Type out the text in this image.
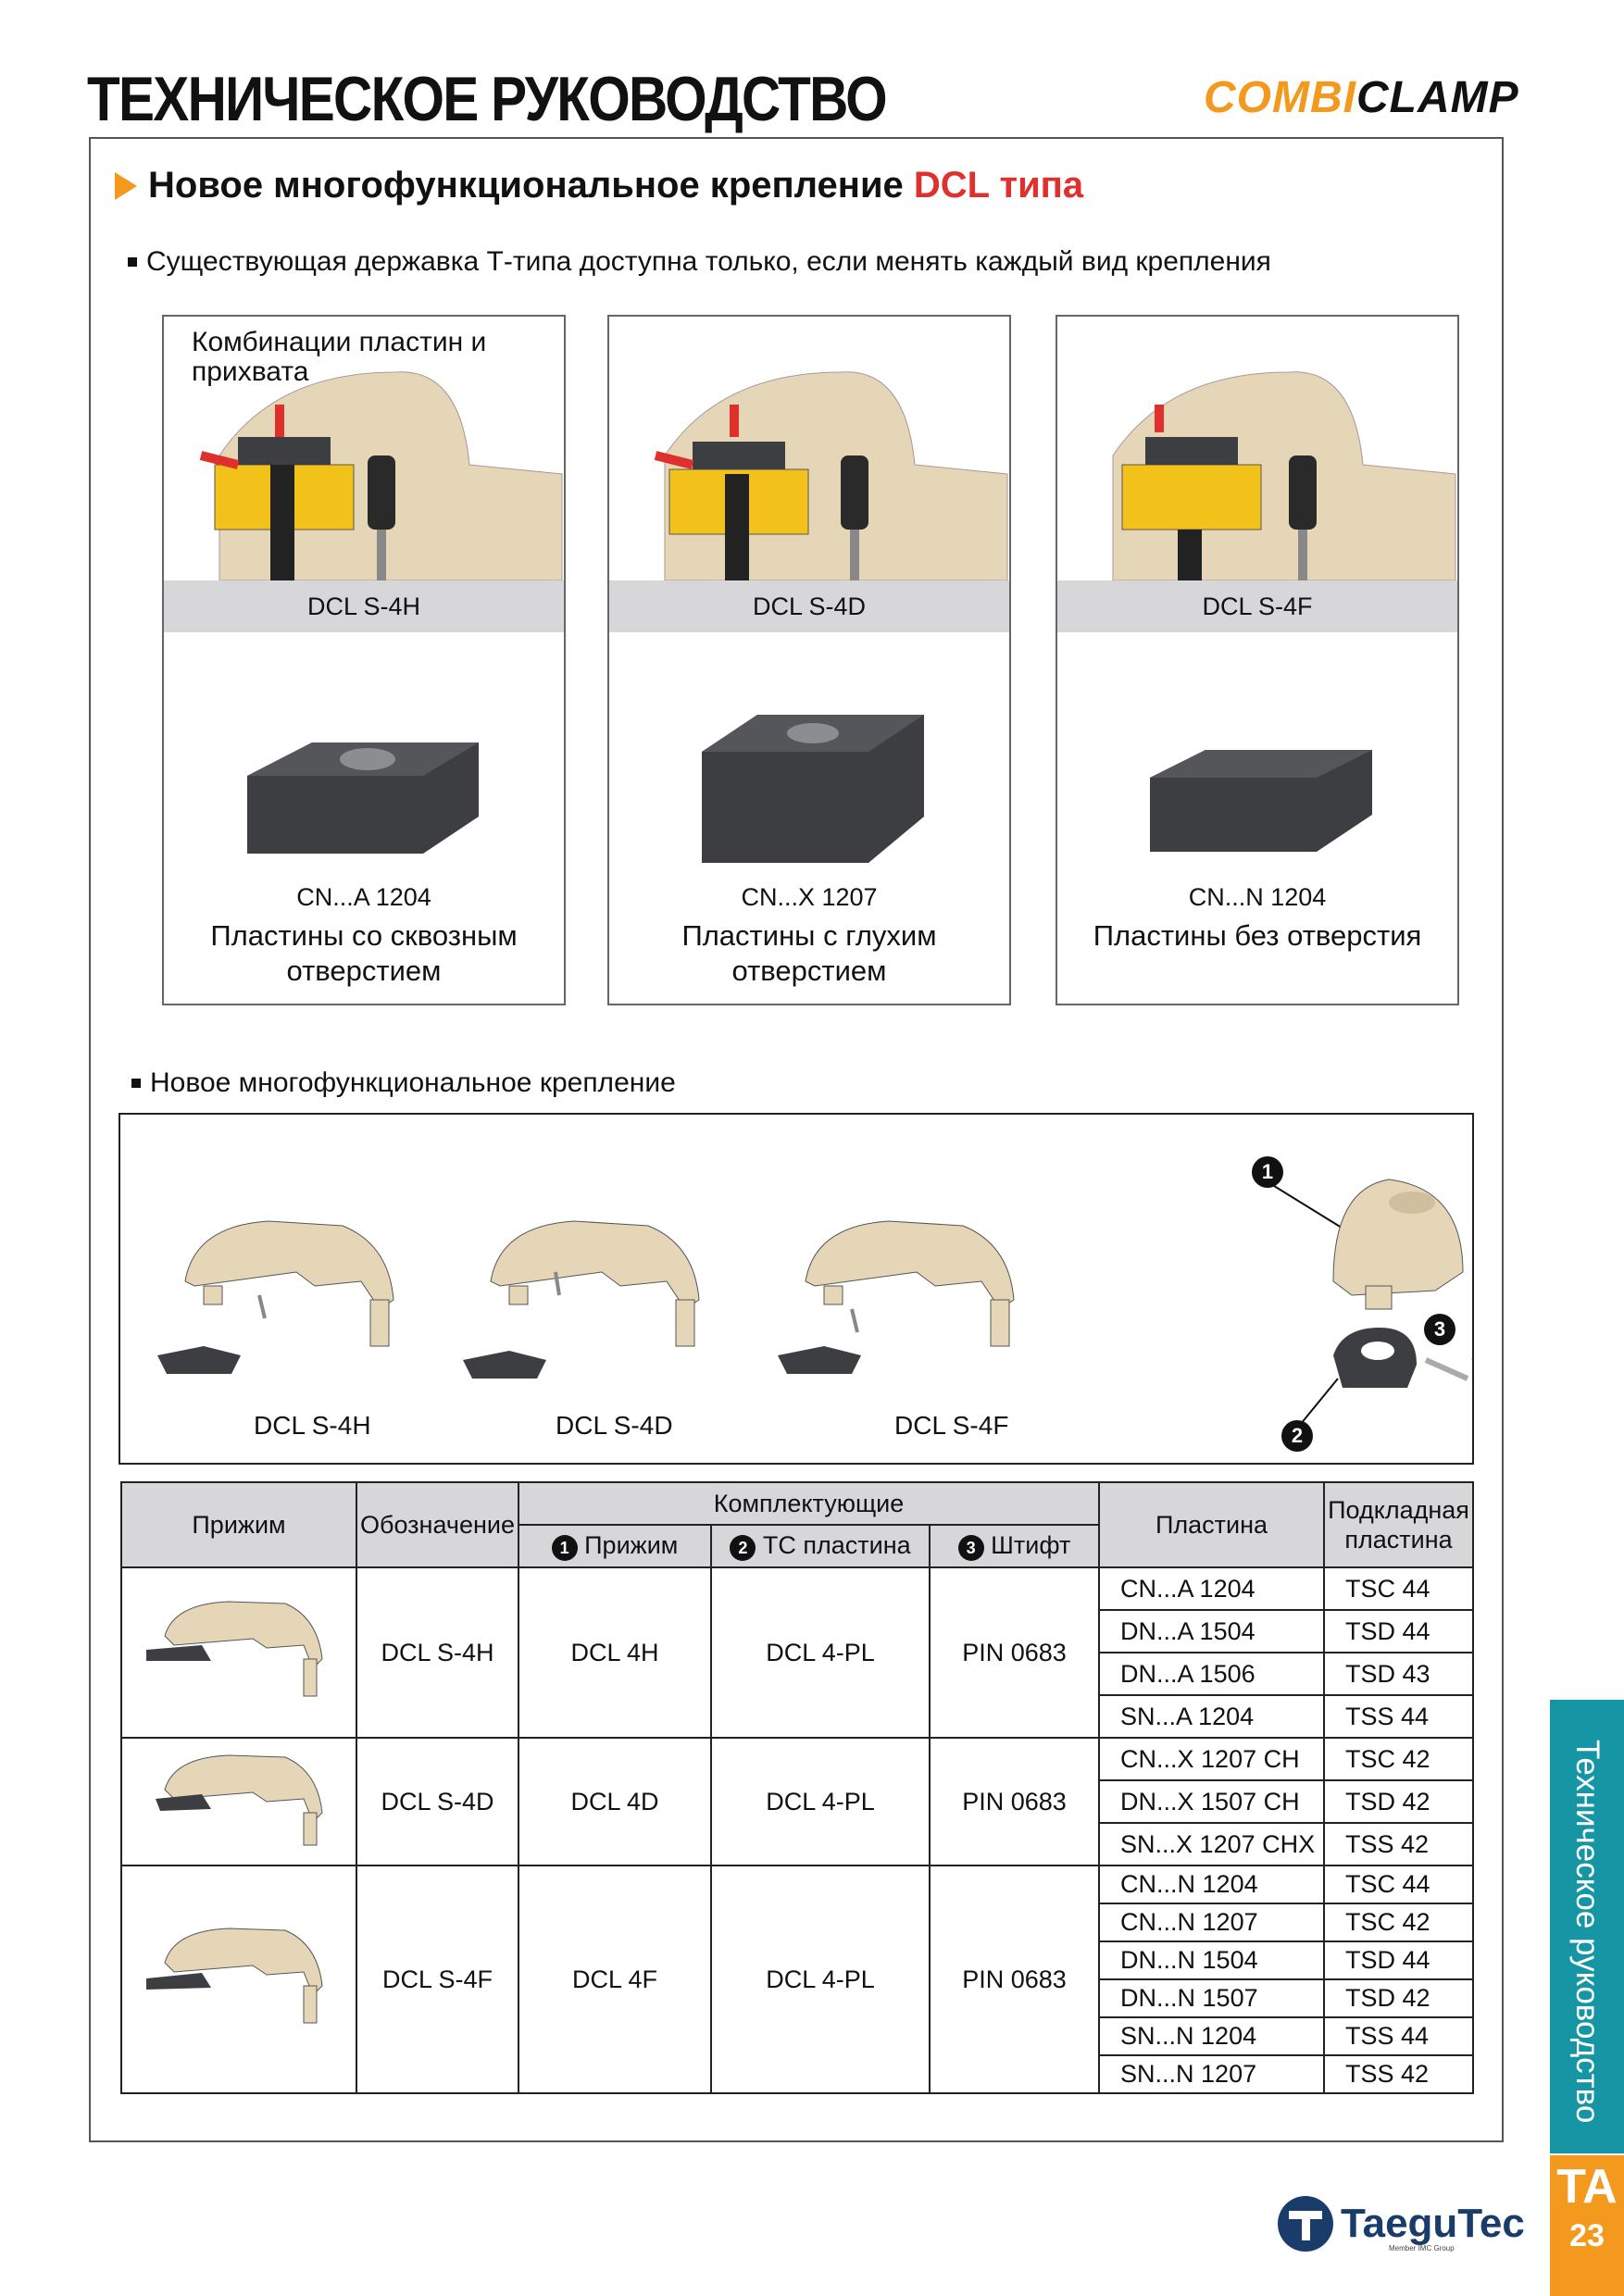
ТЕХНИЧЕСКОЕ РУКОВОДСТВО	COMBICLAMP
Новое многофункциональное крепление
DCL типа
Существующая державка Т-типа доступна только, если менять каждый вид крепления
Комбинации пластин и прихвата
DCL S-4H
CN...A 1204
Пластины со сквозным отверстием
DCL S-4D
CN...X 1207
Пластины с глухим отверстием
DCL S-4F
CN...N 1204
Пластины без отверстия
Новое многофункциональное крепление
DCL S-4H	DCL S-4D	DCL S-4F
1
3
2
Прижим	Обозначение	Комплектующие			Пластина	Подкладная пластина
		1 Прижим	2 ТС пластина	3 Штифт		
	DCL S-4H	DCL 4H	DCL 4-PL	PIN 0683	CN...A 1204	TSC 44
					DN...A 1504	TSD 44
					DN...A 1506	TSD 43
					SN...A 1204	TSS 44
	DCL S-4D	DCL 4D	DCL 4-PL	PIN 0683	CN...X 1207 CH	TSC 42
					DN...X 1507 CH	TSD 42
					SN...X 1207 CHX	TSS 42
	DCL S-4F	DCL 4F	DCL 4-PL	PIN 0683	CN...N 1204	TSC 44
					CN...N 1207	TSC 42
					DN...N 1504	TSD 44
					DN...N 1507	TSD 42
					SN...N 1204	TSS 44
					SN...N 1207	TSS 42	Техническое руководство
TA
23
TaeguTec
Member IMC Group
